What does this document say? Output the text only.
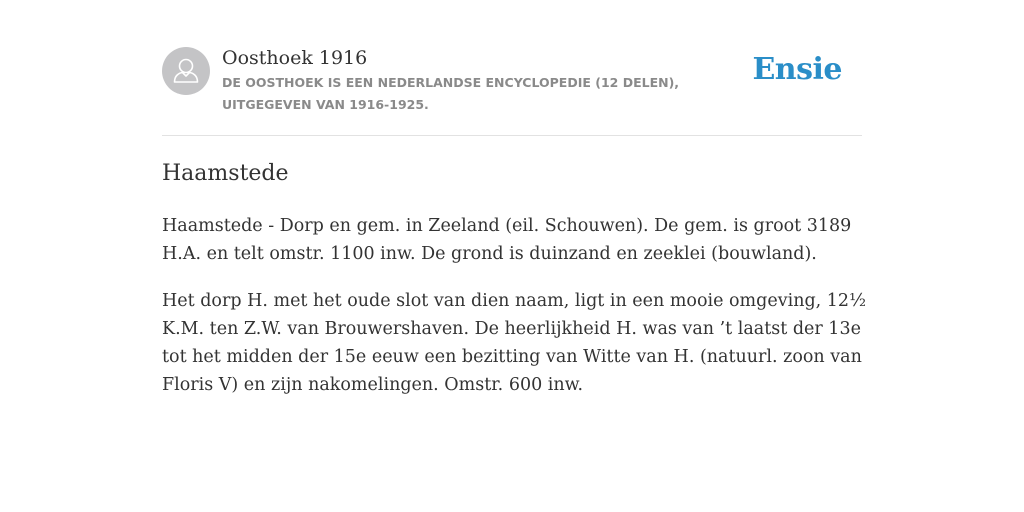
Oosthoek 1916
DE OOSTHOEK IS EEN NEDERLANDSE ENCYCLOPEDIE (12 DELEN), UITGEGEVEN VAN 1916-1925.
Ensie
Haamstede

Haamstede - Dorp en gem. in Zeeland (eil. Schouwen). De gem. is groot 3189 H.A. en telt omstr. 1100 inw. De grond is duinzand en zeeklei (bouwland).

Het dorp H. met het oude slot van dien naam, ligt in een mooie omgeving, 12½ K.M. ten Z.W. van Brouwershaven. De heerlijkheid H. was van ’t laatst der 13e tot het midden der 15e eeuw een bezitting van Witte van H. (natuurl. zoon van Floris V) en zijn nakomelingen. Omstr. 600 inw.
